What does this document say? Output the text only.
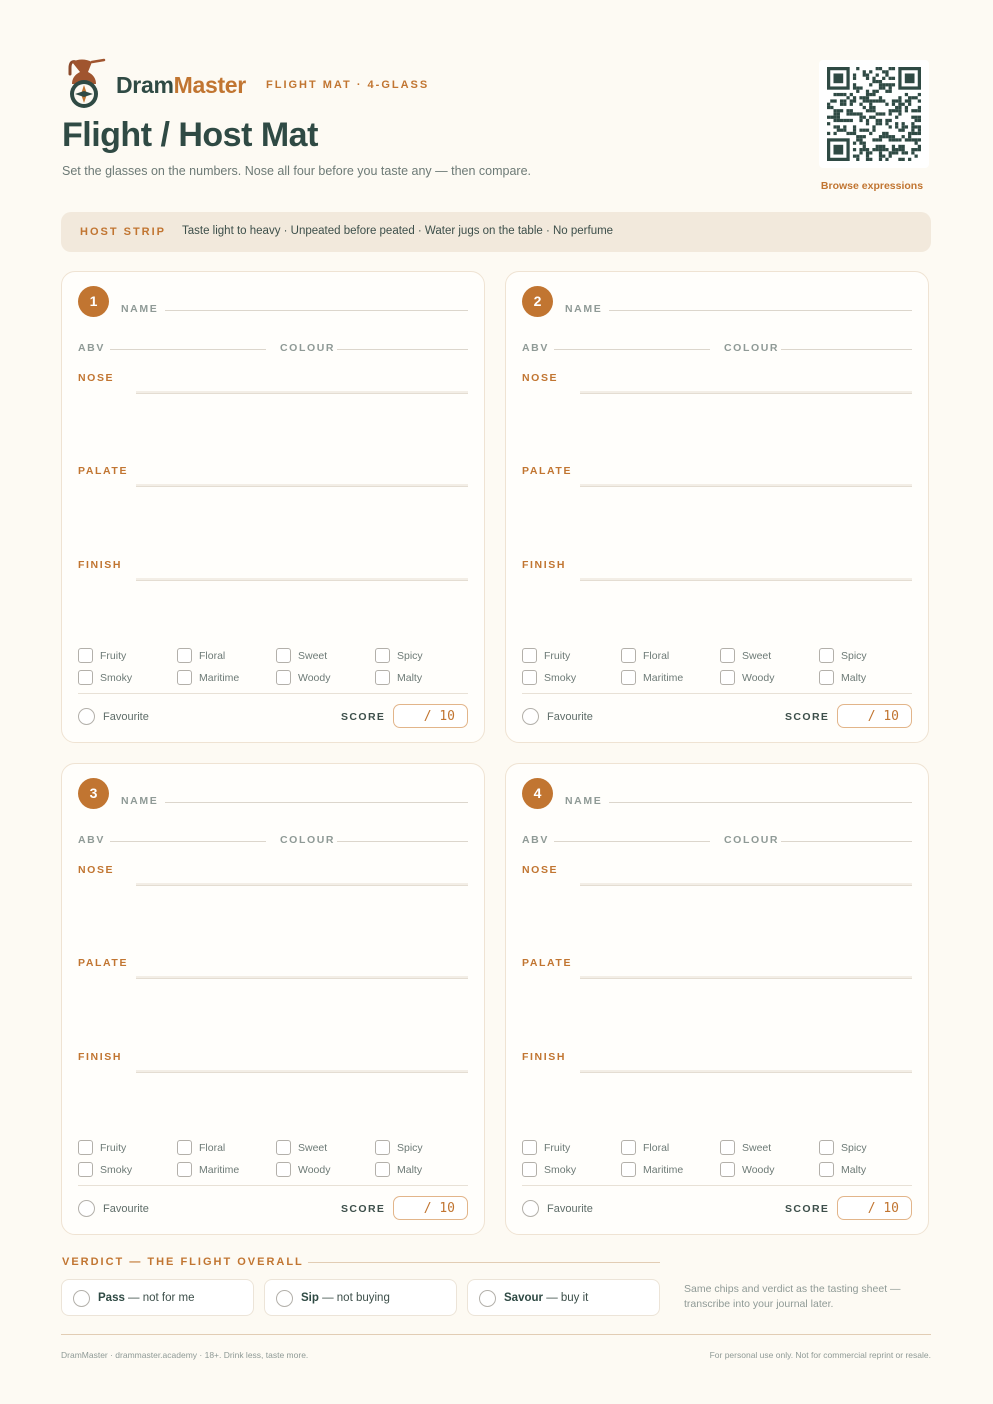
DramMaster FLIGHT MAT · 4-GLASS
Flight / Host Mat
Set the glasses on the numbers. Nose all four before you taste any — then compare.
Browse expressions
HOST STRIP Taste light to heavy · Unpeated before peated · Water jugs on the table · No perfume
1	NAME
ABV	COLOUR
NOSE
PALATE
FINISH
Fruity	Floral	Sweet	Spicy
Smoky	Maritime	Woody	Malty
Favourite	SCORE	/ 10
2	NAME
ABV	COLOUR
NOSE
PALATE
FINISH
Fruity	Floral	Sweet	Spicy
Smoky	Maritime	Woody	Malty
Favourite	SCORE	/ 10
3	NAME
ABV	COLOUR
NOSE
PALATE
FINISH
Fruity	Floral	Sweet	Spicy
Smoky	Maritime	Woody	Malty
Favourite	SCORE	/ 10
4	NAME
ABV	COLOUR
NOSE
PALATE
FINISH
Fruity	Floral	Sweet	Spicy
Smoky	Maritime	Woody	Malty
Favourite	SCORE	/ 10
VERDICT — THE FLIGHT OVERALL
Pass — not for me	Sip — not buying	Savour — buy it
Same chips and verdict as the tasting sheet — transcribe into your journal later.
DramMaster · drammaster.academy · 18+. Drink less, taste more.	For personal use only. Not for commercial reprint or resale.
